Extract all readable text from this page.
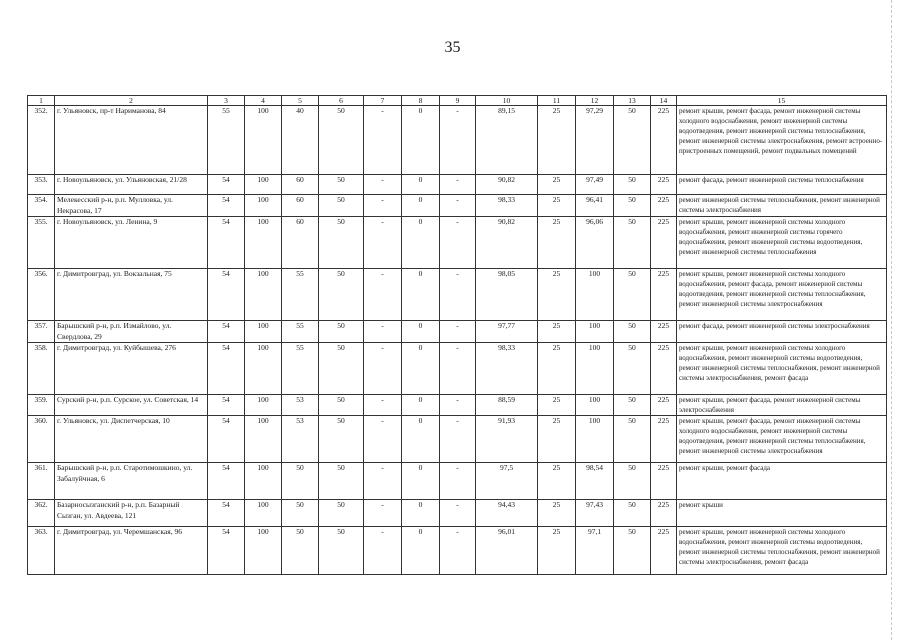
35
1	2	3	4	5	6	7	8	9	10	11	12	13	14	15
352.	г. Ульяновск, пр-т Нариманова, 84	55	100	40	50	-	0	-	89,15	25	97,29	50	225	ремонт крыши, ремонт фасада, ремонт инженерной системы холодного водоснабжения, ремонт инженерной системы водоотведения, ремонт инженерной системы теплоснабжения, ремонт инженерной системы электроснабжения, ремонт встроенно-пристроенных помещений, ремонт подвальных помещений
353.	г. Новоульяновск, ул. Ульяновская, 21/28	54	100	60	50	-	0	-	90,82	25	97,49	50	225	ремонт фасада, ремонт инженерной системы теплоснабжения
354.	Мелекесский р-н, р.п. Мулловка, ул. Некрасова, 17	54	100	60	50	-	0	-	98,33	25	96,41	50	225	ремонт инженерной системы теплоснабжения, ремонт инженерной системы электроснабжения
355.	г. Новоульяновск, ул. Ленина, 9	54	100	60	50	-	0	-	90,82	25	96,06	50	225	ремонт крыши, ремонт инженерной системы холодного водоснабжения, ремонт инженерной системы горячего водоснабжения, ремонт инженерной системы водоотведения, ремонт инженерной системы теплоснабжения
356.	г. Димитровград, ул. Вокзальная, 75	54	100	55	50	-	0	-	98,05	25	100	50	225	ремонт крыши, ремонт инженерной системы холодного водоснабжения, ремонт фасада, ремонт инженерной системы водоотведения, ремонт инженерной системы теплоснабжения, ремонт инженерной системы электроснабжения
357.	Барышский р-н, р.п. Измайлово, ул. Свердлова, 29	54	100	55	50	-	0	-	97,77	25	100	50	225	ремонт фасада, ремонт инженерной системы электроснабжения
358.	г. Димитровград, ул. Куйбышева, 276	54	100	55	50	-	0	-	98,33	25	100	50	225	ремонт крыши, ремонт инженерной системы холодного водоснабжения, ремонт инженерной системы водоотведения, ремонт инженерной системы теплоснабжения, ремонт инженерной системы электроснабжения, ремонт фасада
359.	Сурский р-н, р.п. Сурское, ул. Советская, 14	54	100	53	50	-	0	-	88,59	25	100	50	225	ремонт крыши, ремонт фасада, ремонт инженерной системы электроснабжения
360.	г. Ульяновск, ул. Диспетчерская, 10	54	100	53	50	-	0	-	91,93	25	100	50	225	ремонт крыши, ремонт фасада, ремонт инженерной системы холодного водоснабжения, ремонт инженерной системы водоотведения, ремонт инженерной системы теплоснабжения, ремонт инженерной системы электроснабжения
361.	Барышский р-н, р.п. Старотимошкино, ул. Забалуйчная, 6	54	100	50	50	-	0	-	97,5	25	98,54	50	225	ремонт крыши, ремонт фасада
362.	Базарносызганский р-н, р.п. Базарный Сызган, ул. Авдеева, 121	54	100	50	50	-	0	-	94,43	25	97,43	50	225	ремонт крыши
363.	г. Димитровград, ул. Черемшанская, 96	54	100	50	50	-	0	-	96,01	25	97,1	50	225	ремонт крыши, ремонт инженерной системы холодного водоснабжения, ремонт инженерной системы водоотведения, ремонт инженерной системы теплоснабжения, ремонт инженерной системы электроснабжения, ремонт фасада
